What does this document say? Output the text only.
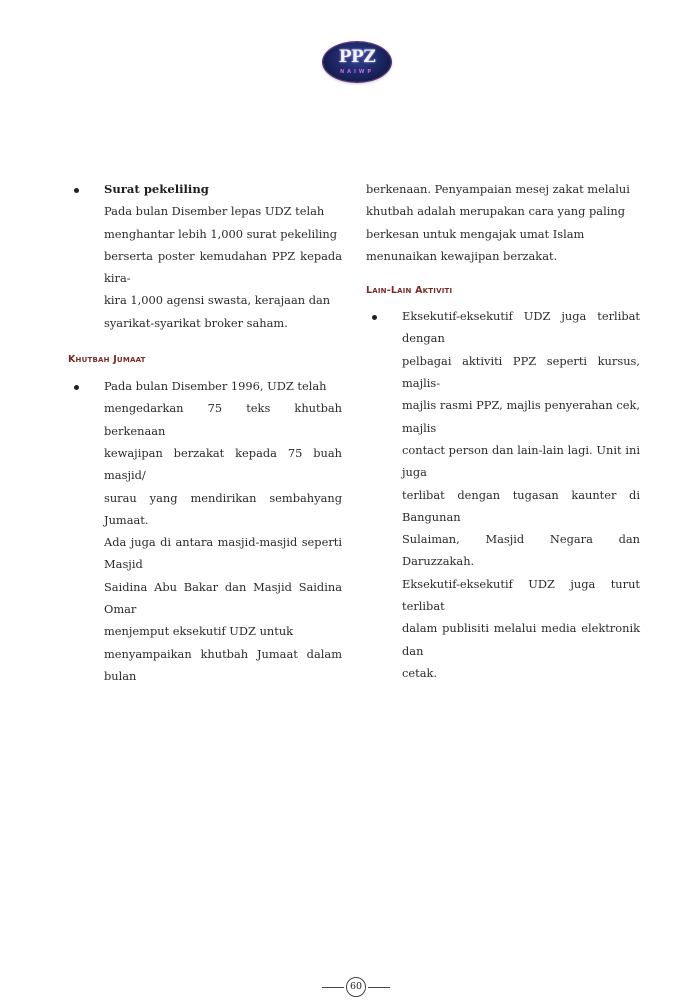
PPZ
NAIWP
Surat pekeliling
Pada bulan Disember lepas UDZ telah
menghantar lebih 1,000 surat pekeliling
berserta poster kemudahan PPZ kepada kira-
kira 1,000 agensi swasta, kerajaan dan
syarikat-syarikat broker saham.
Khutbah Jumaat
Pada bulan Disember 1996, UDZ telah
mengedarkan 75 teks khutbah berkenaan
kewajipan berzakat kepada 75 buah masjid/
surau yang mendirikan sembahyang Jumaat.
Ada juga di antara masjid-masjid seperti Masjid
Saidina Abu Bakar dan Masjid Saidina Omar
menjemput eksekutif UDZ untuk
menyampaikan khutbah Jumaat dalam bulan
berkenaan. Penyampaian mesej zakat melalui
khutbah adalah merupakan cara yang paling
berkesan untuk mengajak umat Islam
menunaikan kewajipan berzakat.
Lain-Lain Aktiviti
Eksekutif-eksekutif UDZ juga terlibat dengan
pelbagai aktiviti PPZ seperti kursus, majlis-
majlis rasmi PPZ, majlis penyerahan cek, majlis
contact person dan lain-lain lagi. Unit ini juga
terlibat dengan tugasan kaunter di Bangunan
Sulaiman, Masjid Negara dan Daruzzakah.
Eksekutif-eksekutif UDZ juga turut terlibat
dalam publisiti melalui media elektronik dan
cetak.
60
